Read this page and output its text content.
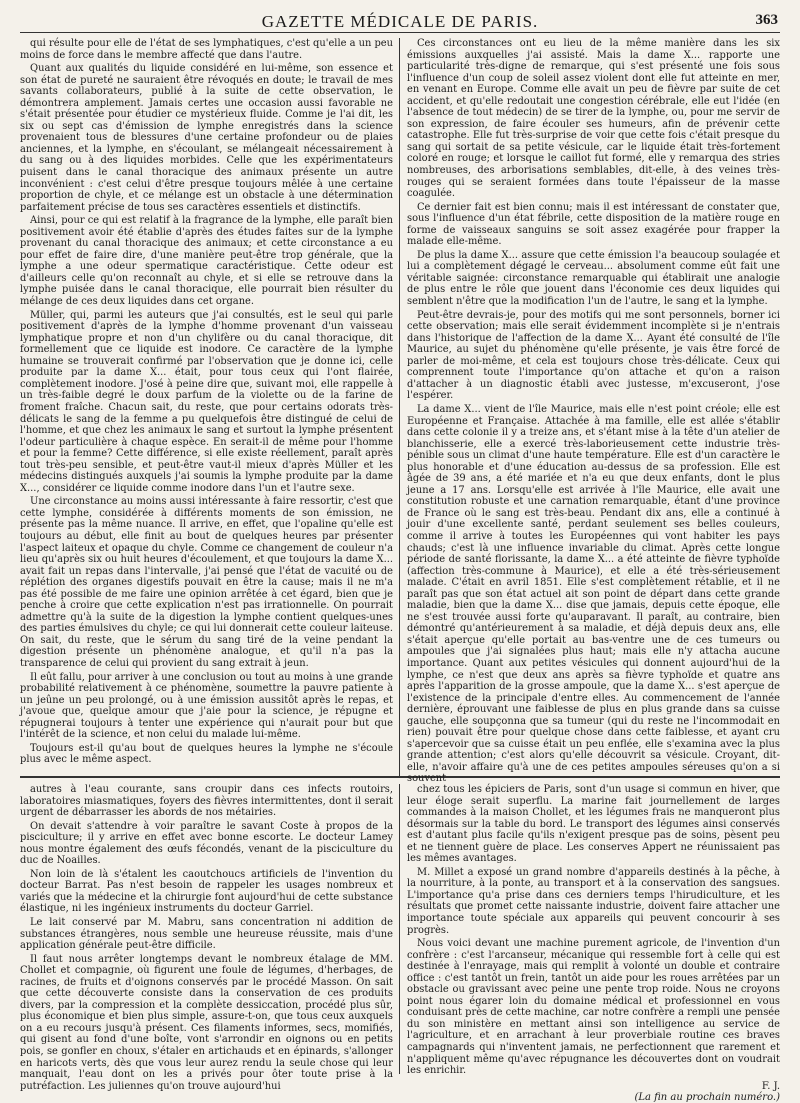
GAZETTE MÉDICALE DE PARIS.	363

qui résulte pour elle de l'état de ses lymphatiques, c'est qu'elle a un peu moins de force dans le membre affecté que dans l'autre.

Quant aux qualités du liquide considéré en lui-même, son essence et son état de pureté ne sauraient être révoqués en doute; le travail de mes savants collaborateurs, publié à la suite de cette observation, le démontrera amplement. Jamais certes une occasion aussi favorable ne s'était présentée pour étudier ce mystérieux fluide. Comme je l'ai dit, les six ou sept cas d'émission de lymphe enregistrés dans la science provenaient tous de blessures d'une certaine profondeur ou de plaies anciennes, et la lymphe, en s'écoulant, se mélangeait nécessairement à du sang ou à des liquides morbides. Celle que les expérimentateurs puisent dans le canal thoracique des animaux présente un autre inconvénient : c'est celui d'être presque toujours mêlée à une certaine proportion de chyle, et ce mélange est un obstacle à une détermination parfaitement précise de tous ses caractères essentiels et distinctifs.

Ainsi, pour ce qui est relatif à la fragrance de la lymphe, elle paraît bien positivement avoir été établie d'après des études faites sur de la lymphe provenant du canal thoracique des animaux; et cette circonstance a eu pour effet de faire dire, d'une manière peut-être trop générale, que la lymphe a une odeur spermatique caractéristique. Cette odeur est d'ailleurs celle qu'on reconnaît au chyle, et si elle se retrouve dans la lymphe puisée dans le canal thoracique, elle pourrait bien résulter du mélange de ces deux liquides dans cet organe.

Müller, qui, parmi les auteurs que j'ai consultés, est le seul qui parle positivement d'après de la lymphe d'homme provenant d'un vaisseau lymphatique propre et non d'un chylifère ou du canal thoracique, dit formellement que ce liquide est inodore. Ce caractère de la lymphe humaine se trouverait confirmé par l'observation que je donne ici, celle produite par la dame X... était, pour tous ceux qui l'ont flairée, complètement inodore. J'osé à peine dire que, suivant moi, elle rappelle à un très-faible degré le doux parfum de la violette ou de la farine de froment fraîche. Chacun sait, du reste, que pour certains odorats très-délicats le sang de la femme a pu quelquefois être distingué de celui de l'homme, et que chez les animaux le sang et surtout la lymphe présentent l'odeur particulière à chaque espèce. En serait-il de même pour l'homme et pour la femme? Cette différence, si elle existe réellement, paraît après tout très-peu sensible, et peut-être vaut-il mieux d'après Müller et les médecins distingués auxquels j'ai soumis la lymphe produite par la dame X..., considérer ce liquide comme inodore dans l'un et l'autre sexe.

Une circonstance au moins aussi intéressante à faire ressortir, c'est que cette lymphe, considérée à différents moments de son émission, ne présente pas la même nuance. Il arrive, en effet, que l'opaline qu'elle est toujours au début, elle finit au bout de quelques heures par présenter l'aspect laiteux et opaque du chyle. Comme ce changement de couleur n'a lieu qu'après six ou huit heures d'écoulement, et que toujours la dame X... avait fait un repas dans l'intervalle, j'ai pensé que l'état de vacuité ou de réplétion des organes digestifs pouvait en être la cause; mais il ne m'a pas été possible de me faire une opinion arrêtée à cet égard, bien que je penche à croire que cette explication n'est pas irrationnelle. On pourrait admettre qu'à la suite de la digestion la lymphe contient quelques-unes des parties émulsives du chyle; ce qui lui donnerait cette couleur laiteuse. On sait, du reste, que le sérum du sang tiré de la veine pendant la digestion présente un phénomène analogue, et qu'il n'a pas la transparence de celui qui provient du sang extrait à jeun.

Il eût fallu, pour arriver à une conclusion ou tout au moins à une grande probabilité relativement à ce phénomène, soumettre la pauvre patiente à un jeûne un peu prolongé, ou à une émission aussitôt après le repas, et j'avoue que, quelque amour que j'aie pour la science, je répugne et répugnerai toujours à tenter une expérience qui n'aurait pour but que l'intérêt de la science, et non celui du malade lui-même.

Toujours est-il qu'au bout de quelques heures la lymphe ne s'écoule plus avec le même aspect.

Ces circonstances ont eu lieu de la même manière dans les six émissions auxquelles j'ai assisté. Mais la dame X... rapporte une particularité très-digne de remarque, qui s'est présenté une fois sous l'influence d'un coup de soleil assez violent dont elle fut atteinte en mer, en venant en Europe. Comme elle avait un peu de fièvre par suite de cet accident, et qu'elle redoutait une congestion cérébrale, elle eut l'idée (en l'absence de tout médecin) de se tirer de la lymphe, ou, pour me servir de son expression, de faire écouler ses humeurs, afin de prévenir cette catastrophe. Elle fut très-surprise de voir que cette fois c'était presque du sang qui sortait de sa petite vésicule, car le liquide était très-fortement coloré en rouge; et lorsque le caillot fut formé, elle y remarqua des stries nombreuses, des arborisations semblables, dit-elle, à des veines très-rouges qui se seraient formées dans toute l'épaisseur de la masse coagulée.

Ce dernier fait est bien connu; mais il est intéressant de constater que, sous l'influence d'un état fébrile, cette disposition de la matière rouge en forme de vaisseaux sanguins se soit assez exagérée pour frapper la malade elle-même.

De plus la dame X... assure que cette émission l'a beaucoup soulagée et lui a complètement dégagé le cerveau... absolument comme eût fait une véritable saignée: circonstance remarquable qui établirait une analogie de plus entre le rôle que jouent dans l'économie ces deux liquides qui semblent n'être que la modification l'un de l'autre, le sang et la lymphe.

Peut-être devrais-je, pour des motifs qui me sont personnels, borner ici cette observation; mais elle serait évidemment incomplète si je n'entrais dans l'historique de l'affection de la dame X... Ayant été consulté de l'île Maurice, au sujet du phénomène qu'elle présente, je vais être forcé de parler de moi-même, et cela est toujours chose très-délicate. Ceux qui comprennent toute l'importance qu'on attache et qu'on a raison d'attacher à un diagnostic établi avec justesse, m'excuseront, j'ose l'espérer.

La dame X... vient de l'île Maurice, mais elle n'est point créole; elle est Européenne et Française. Attachée à ma famille, elle est allée s'établir dans cette colonie il y a treize ans, et s'étant mise à la tête d'un atelier de blanchisserie, elle a exercé très-laborieusement cette industrie très-pénible sous un climat d'une haute température. Elle est d'un caractère le plus honorable et d'une éducation au-dessus de sa profession. Elle est âgée de 39 ans, a été mariée et n'a eu que deux enfants, dont le plus jeune a 17 ans. Lorsqu'elle est arrivée à l'île Maurice, elle avait une constitution robuste et une carnation remarquable, étant d'une province de France où le sang est très-beau. Pendant dix ans, elle a continué à jouir d'une excellente santé, perdant seulement ses belles couleurs, comme il arrive à toutes les Européennes qui vont habiter les pays chauds; c'est là une influence invariable du climat. Après cette longue période de santé florissante, la dame X... a été atteinte de fièvre typhoïde (affection très-commune à Maurice), et elle a été très-sérieusement malade. C'était en avril 1851. Elle s'est complètement rétablie, et il ne paraît pas que son état actuel ait son point de départ dans cette grande maladie, bien que la dame X... dise que jamais, depuis cette époque, elle ne s'est trouvée aussi forte qu'auparavant. Il paraît, au contraire, bien démontré qu'antérieurement à sa maladie, et déjà depuis deux ans, elle s'était aperçue qu'elle portait au bas-ventre une de ces tumeurs ou ampoules que j'ai signalées plus haut; mais elle n'y attacha aucune importance. Quant aux petites vésicules qui donnent aujourd'hui de la lymphe, ce n'est que deux ans après sa fièvre typhoïde et quatre ans après l'apparition de la grosse ampoule, que la dame X... s'est aperçue de l'existence de la principale d'entre elles. Au commencement de l'année dernière, éprouvant une faiblesse de plus en plus grande dans sa cuisse gauche, elle soupçonna que sa tumeur (qui du reste ne l'incommodait en rien) pouvait être pour quelque chose dans cette faiblesse, et ayant cru s'apercevoir que sa cuisse était un peu enflée, elle s'examina avec la plus grande attention; c'est alors qu'elle découvrit sa vésicule. Croyant, dit-elle, n'avoir affaire qu'à une de ces petites ampoules séreuses qu'on a si souvent

autres à l'eau courante, sans croupir dans ces infects routoirs, laboratoires miasmatiques, foyers des fièvres intermittentes, dont il serait urgent de débarrasser les abords de nos métairies.

On devait s'attendre à voir paraître le savant Coste à propos de la pisciculture; il y arrive en effet avec bonne escorte. Le docteur Lamey nous montre également des œufs fécondés, venant de la pisciculture du duc de Noailles.

Non loin de là s'étalent les caoutchoucs artificiels de l'invention du docteur Barrat. Pas n'est besoin de rappeler les usages nombreux et variés que la médecine et la chirurgie font aujourd'hui de cette substance élastique, ni les ingénieux instruments du docteur Garriel.

Le lait conservé par M. Mabru, sans concentration ni addition de substances étrangères, nous semble une heureuse réussite, mais d'une application générale peut-être difficile.

Il faut nous arrêter longtemps devant le nombreux étalage de MM. Chollet et compagnie, où figurent une foule de légumes, d'herbages, de racines, de fruits et d'oignons conservés par le procédé Masson. On sait que cette découverte consiste dans la conservation de ces produits divers, par la compression et la complète dessiccation, procédé plus sûr, plus économique et bien plus simple, assure-t-on, que tous ceux auxquels on a eu recours jusqu'à présent. Ces filaments informes, secs, momifiés, qui gisent au fond d'une boîte, vont s'arrondir en oignons ou en petits pois, se gonfler en choux, s'étaler en artichauds et en épinards, s'allonger en haricots verts, dès que vous leur aurez rendu la seule chose qui leur manquait, l'eau dont on les a privés pour ôter toute prise à la putréfaction. Les juliennes qu'on trouve aujourd'hui

chez tous les épiciers de Paris, sont d'un usage si commun en hiver, que leur éloge serait superflu. La marine fait journellement de larges commandes à la maison Chollet, et les légumes frais ne manqueront plus désormais sur la table du bord. Le transport des légumes ainsi conservés est d'autant plus facile qu'ils n'exigent presque pas de soins, pèsent peu et ne tiennent guère de place. Les conserves Appert ne réunissaient pas les mêmes avantages.

M. Millet a exposé un grand nombre d'appareils destinés à la pêche, à la nourriture, à la ponte, au transport et à la conservation des sangsues. L'importance qu'a prise dans ces derniers temps l'hirudiculture, et les résultats que promet cette naissante industrie, doivent faire attacher une importance toute spéciale aux appareils qui peuvent concourir à ses progrès.

Nous voici devant une machine purement agricole, de l'invention d'un confrère : c'est l'arcanseur, mécanique qui ressemble fort à celle qui est destinée à l'enrayage, mais qui remplit à volonté un double et contraire office : c'est tantôt un frein, tantôt un aide pour les roues arrêtées par un obstacle ou gravissant avec peine une pente trop roide. Nous ne croyons point nous égarer loin du domaine médical et professionnel en vous conduisant près de cette machine, car notre confrère a rempli une pensée du son ministère en mettant ainsi son intelligence au service de l'agriculture, et en arrachant à leur proverbiale routine ces braves campagnards qui n'inventent jamais, ne perfectionnent que rarement et n'appliquent même qu'avec répugnance les découvertes dont on voudrait les enrichir.

F. J.
(La fin au prochain numéro.)
